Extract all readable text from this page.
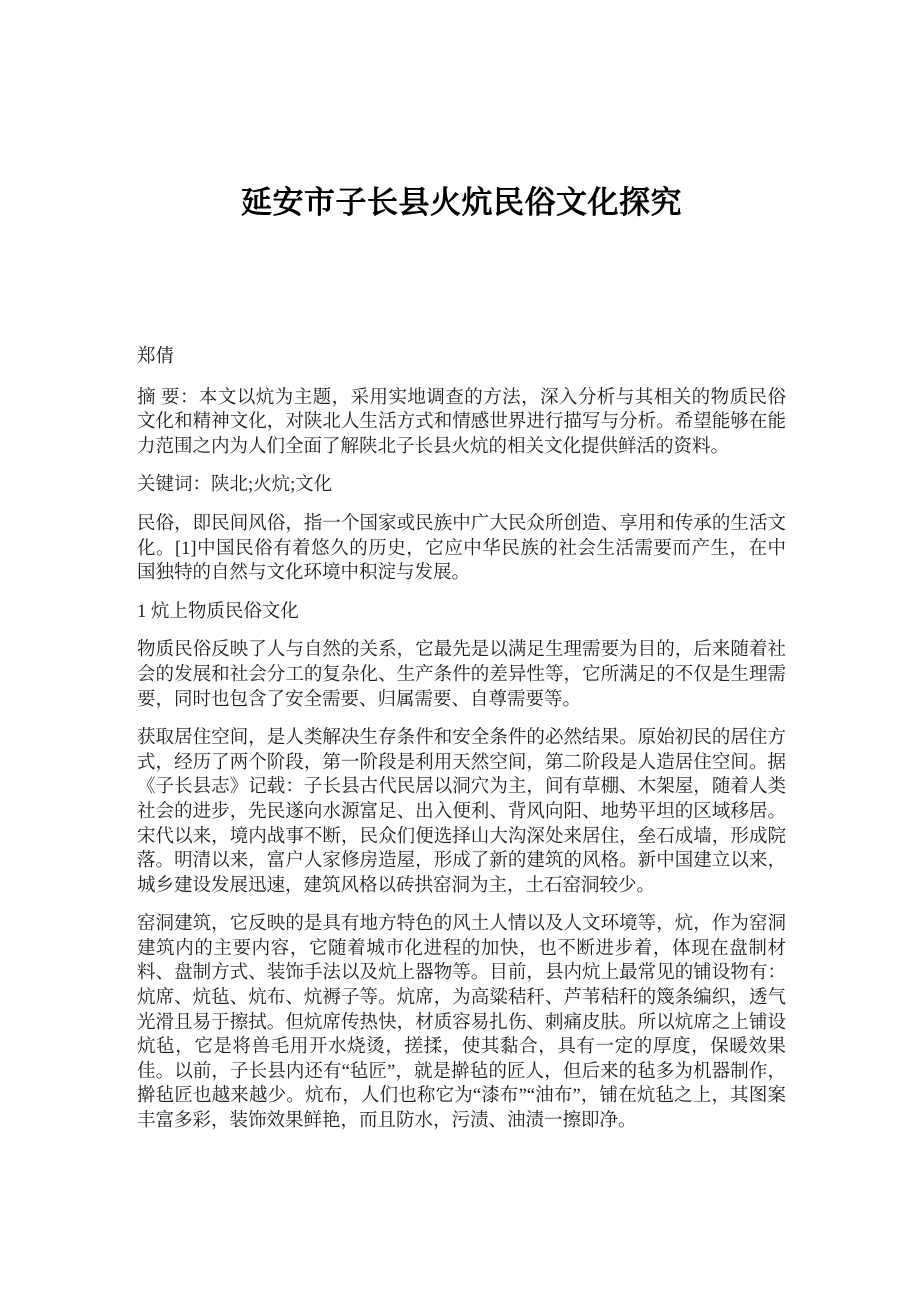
延安市子长县火炕民俗文化探究

郑倩

摘 要：本文以炕为主题，采用实地调查的方法，深入分析与其相关的物质民俗文化和精神文化，对陕北人生活方式和情感世界进行描写与分析。希望能够在能力范围之内为人们全面了解陕北子长县火炕的相关文化提供鲜活的资料。

关键词：陕北;火炕;文化

民俗，即民间风俗，指一个国家或民族中广大民众所创造、享用和传承的生活文化。[1]中国民俗有着悠久的历史，它应中华民族的社会生活需要而产生，在中国独特的自然与文化环境中积淀与发展。

1 炕上物质民俗文化

物质民俗反映了人与自然的关系，它最先是以满足生理需要为目的，后来随着社会的发展和社会分工的复杂化、生产条件的差异性等，它所满足的不仅是生理需要，同时也包含了安全需要、归属需要、自尊需要等。

获取居住空间，是人类解决生存条件和安全条件的必然结果。原始初民的居住方式，经历了两个阶段，第一阶段是利用天然空间，第二阶段是人造居住空间。据《子长县志》记载：子长县古代民居以洞穴为主，间有草棚、木架屋，随着人类社会的进步，先民遂向水源富足、出入便利、背风向阳、地势平坦的区域移居。宋代以来，境内战事不断，民众们便选择山大沟深处来居住，垒石成墙，形成院落。明清以来，富户人家修房造屋，形成了新的建筑的风格。新中国建立以来，城乡建设发展迅速，建筑风格以砖拱窑洞为主，土石窑洞较少。

窑洞建筑，它反映的是具有地方特色的风土人情以及人文环境等，炕，作为窑洞建筑内的主要内容，它随着城市化进程的加快，也不断进步着，体现在盘制材料、盘制方式、装饰手法以及炕上器物等。目前，县内炕上最常见的铺设物有：炕席、炕毡、炕布、炕褥子等。炕席，为高粱秸秆、芦苇秸秆的篾条编织，透气光滑且易于擦拭。但炕席传热快，材质容易扎伤、刺痛皮肤。所以炕席之上铺设炕毡，它是将兽毛用开水烧烫，搓揉，使其黏合，具有一定的厚度，保暖效果佳。以前，子长县内还有“毡匠”，就是擀毡的匠人，但后来的毡多为机器制作，擀毡匠也越来越少。炕布，人们也称它为“漆布”“油布”，铺在炕毡之上，其图案丰富多彩，装饰效果鲜艳，而且防水，污渍、油渍一擦即净。
